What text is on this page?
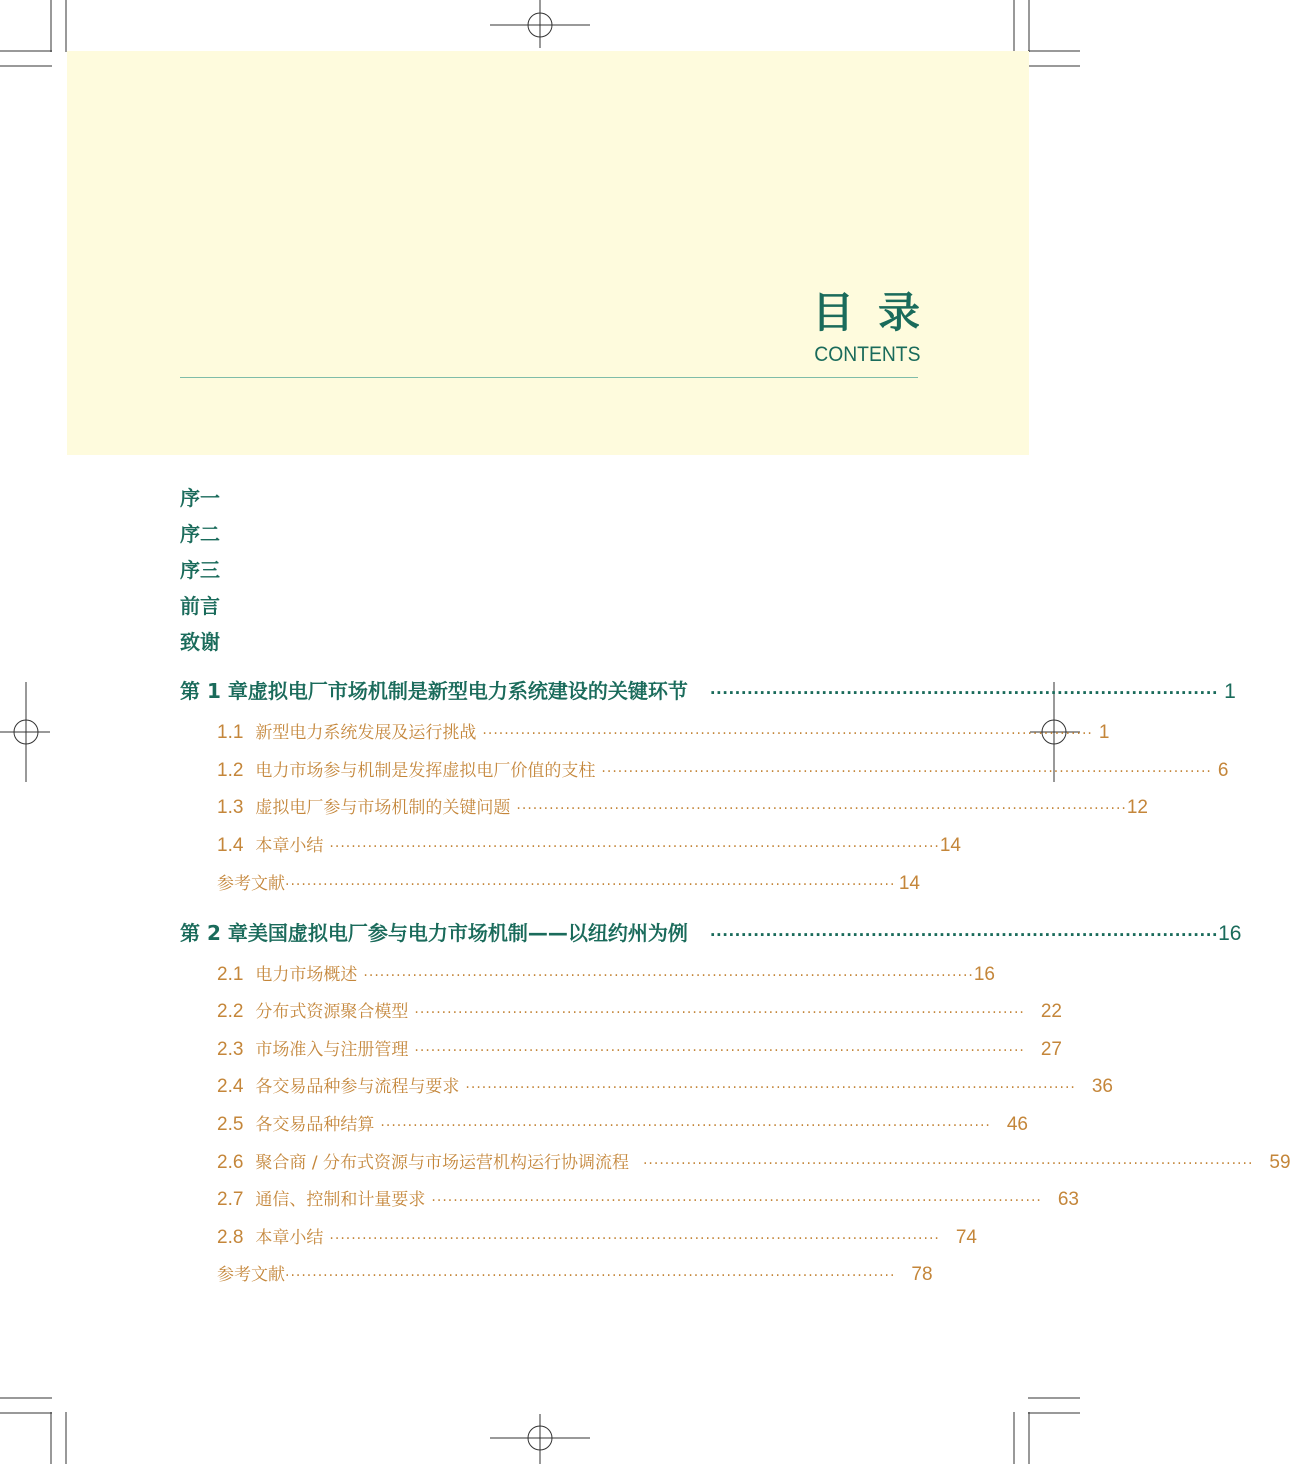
目录
CONTENTS
序一
序二
序三
前言
致谢
第 1 章 虚拟电厂市场机制是新型电力系统建设的关键环节 ·················································································· 1
1.1 新型电力系统发展及运行挑战 ················································································································ 1
1.2 电力市场参与机制是发挥虚拟电厂价值的支柱 ················································································································ 6
1.3 虚拟电厂参与市场机制的关键问题 ················································································································ 12
1.4 本章小结 ················································································································ 14
参考文献 ················································································································ 14
第 2 章 美国虚拟电厂参与电力市场机制——以纽约州为例 ·················································································· 16
2.1 电力市场概述 ················································································································ 16
2.2 分布式资源聚合模型 ················································································································ 22
2.3 市场准入与注册管理 ················································································································ 27
2.4 各交易品种参与流程与要求 ················································································································ 36
2.5 各交易品种结算 ················································································································ 46
2.6 聚合商 / 分布式资源与市场运营机构运行协调流程 ················································································································ 59
2.7 通信、控制和计量要求 ················································································································ 63
2.8 本章小结 ················································································································ 74
参考文献 ················································································································ 78
